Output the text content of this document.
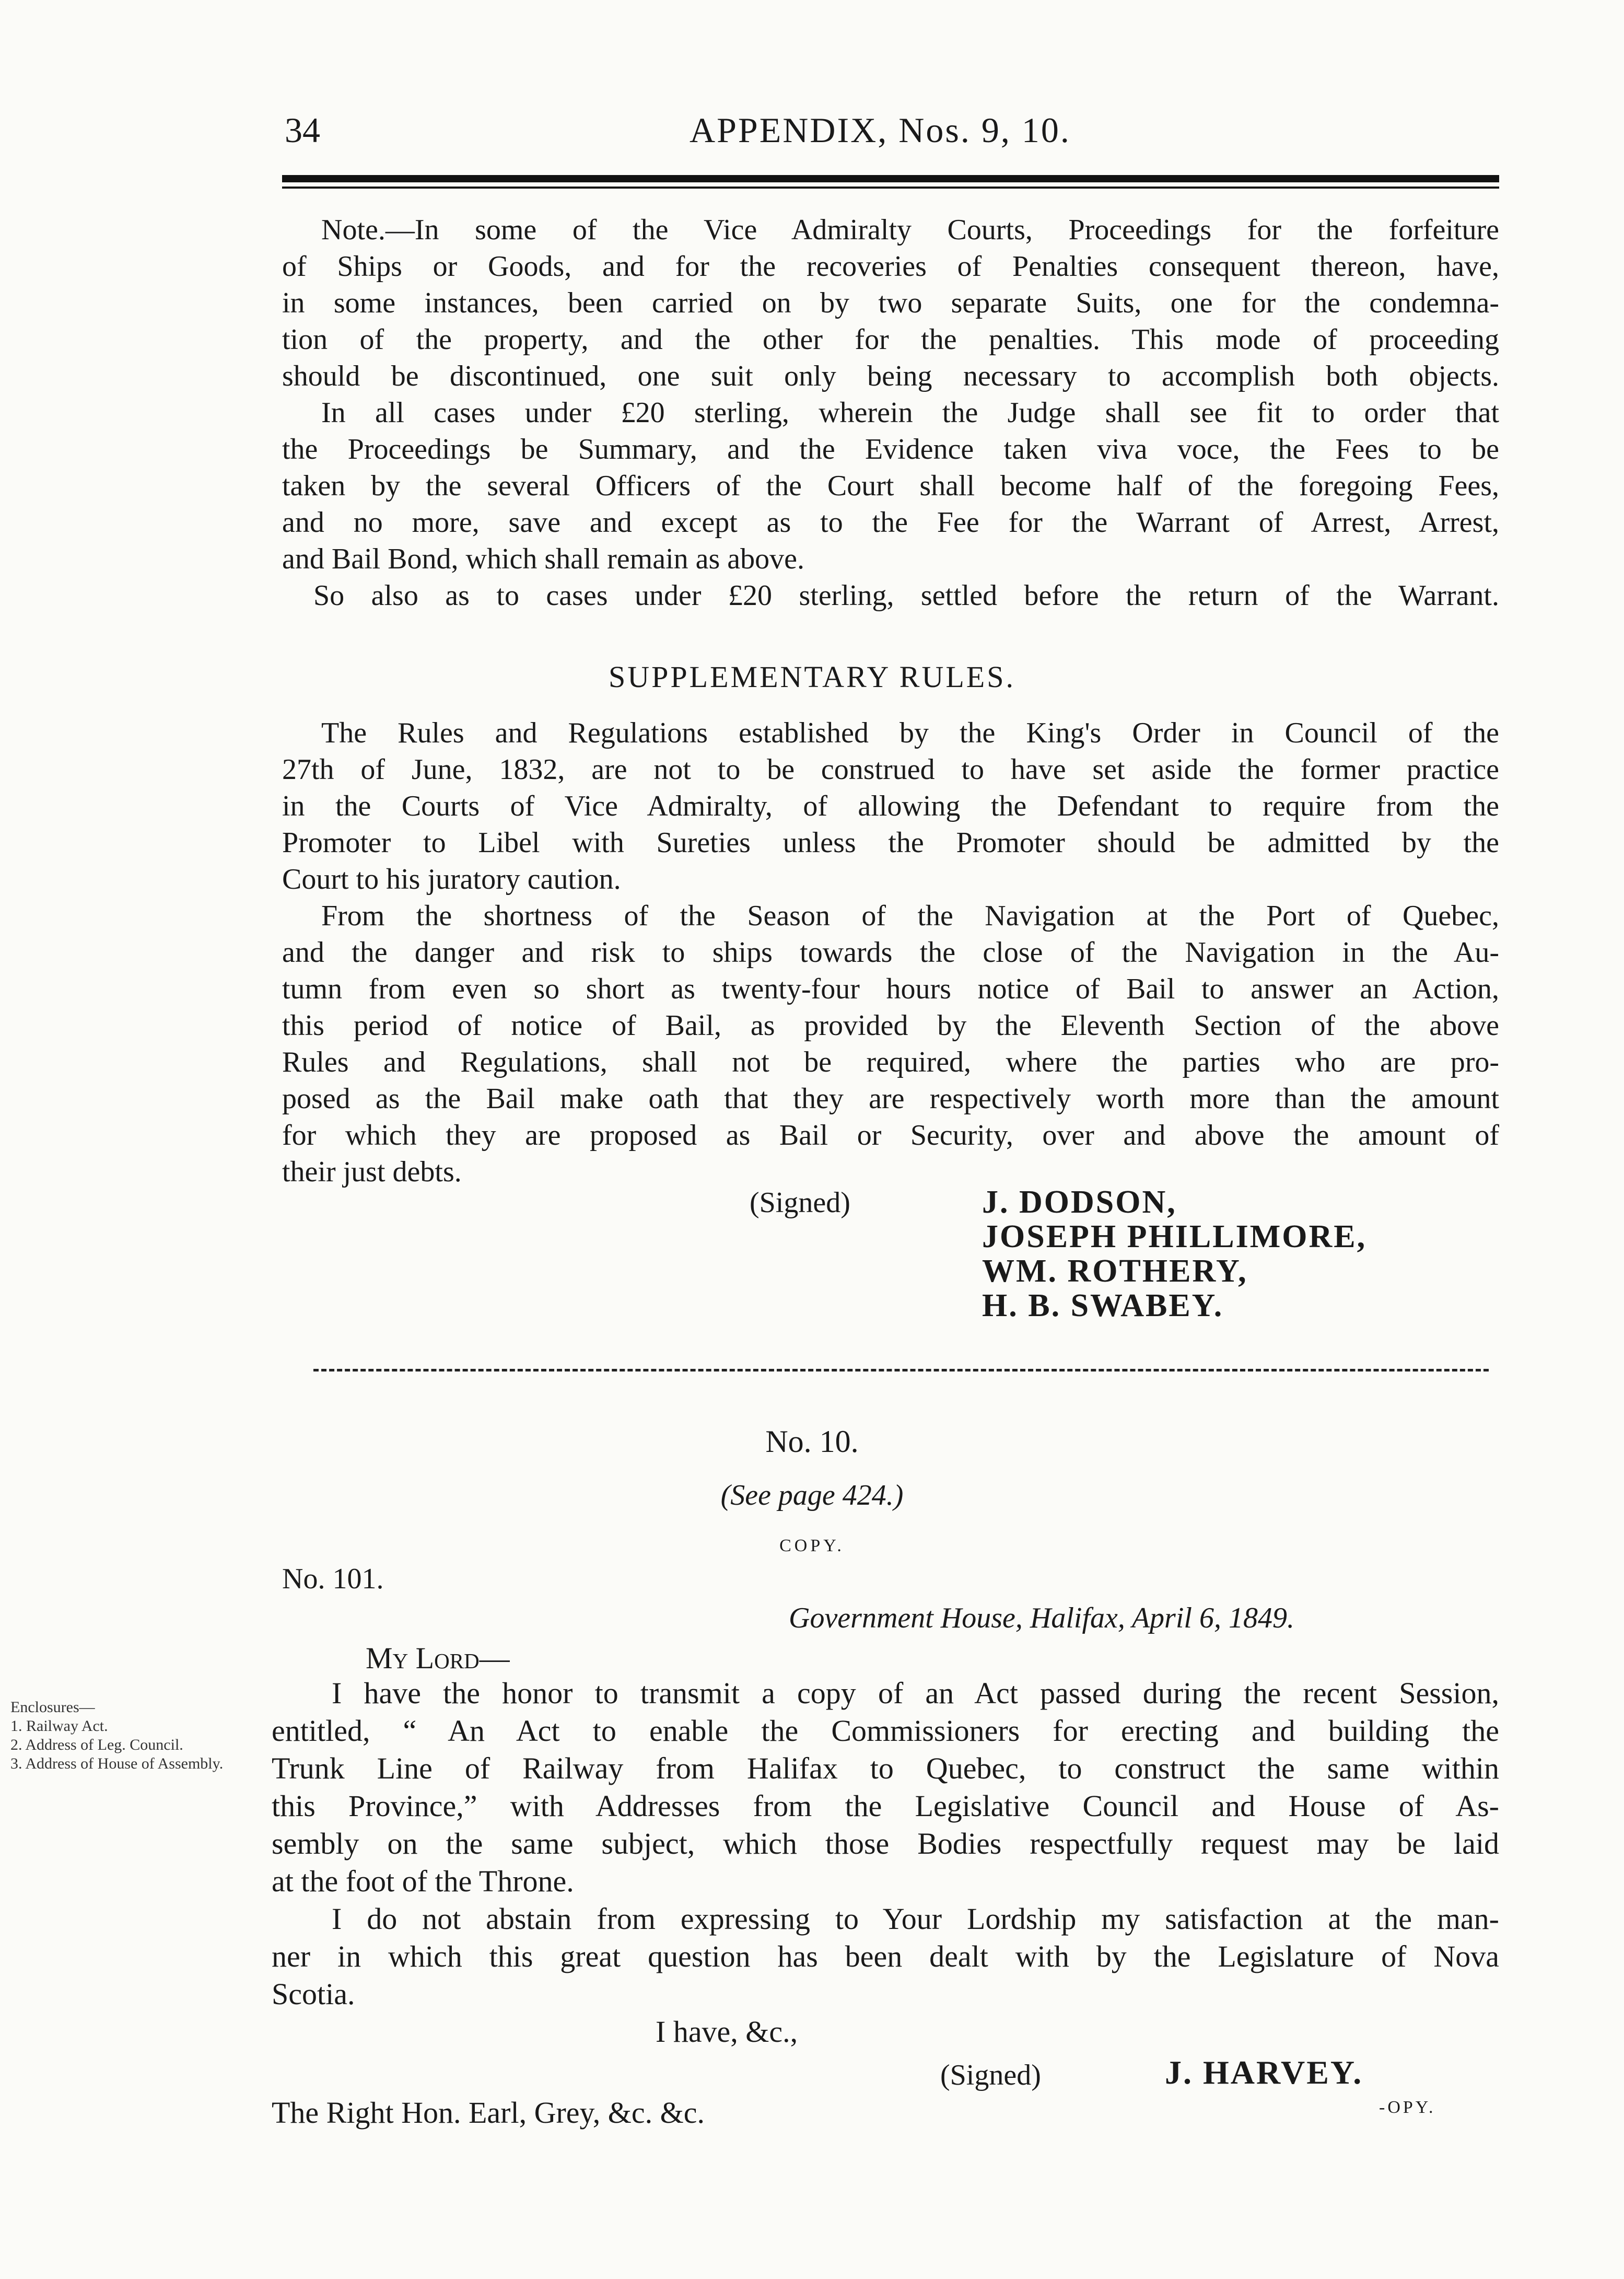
34	APPENDIX, Nos. 9, 10.
Note.—In some of the Vice Admiralty Courts, Proceedings for the forfeiture
of Ships or Goods, and for the recoveries of Penalties consequent thereon, have,
in some instances, been carried on by two separate Suits, one for the condemna-
tion of the property, and the other for the penalties. This mode of proceeding
should be discontinued, one suit only being necessary to accomplish both objects.
In all cases under £20 sterling, wherein the Judge shall see fit to order that
the Proceedings be Summary, and the Evidence taken viva voce, the Fees to be
taken by the several Officers of the Court shall become half of the foregoing Fees,
and no more, save and except as to the Fee for the Warrant of Arrest, Arrest,
and Bail Bond, which shall remain as above.
So also as to cases under £20 sterling, settled before the return of the Warrant.
SUPPLEMENTARY RULES.
The Rules and Regulations established by the King's Order in Council of the
27th of June, 1832, are not to be construed to have set aside the former practice
in the Courts of Vice Admiralty, of allowing the Defendant to require from the
Promoter to Libel with Sureties unless the Promoter should be admitted by the
Court to his juratory caution.
From the shortness of the Season of the Navigation at the Port of Quebec,
and the danger and risk to ships towards the close of the Navigation in the Au-
tumn from even so short as twenty-four hours notice of Bail to answer an Action,
this period of notice of Bail, as provided by the Eleventh Section of the above
Rules and Regulations, shall not be required, where the parties who are pro-
posed as the Bail make oath that they are respectively worth more than the amount
for which they are proposed as Bail or Security, over and above the amount of
their just debts.
(Signed)	J. DODSON,
JOSEPH PHILLIMORE,
WM. ROTHERY,
H. B. SWABEY.
No. 10.
(See page 424.)
COPY.
No. 101.
Government House, Halifax, April 6, 1849.
My Lord—
Enclosures—
1. Railway Act.
2. Address of Leg. Council.
3. Address of House of Assembly.
I have the honor to transmit a copy of an Act passed during the recent Session,
entitled, “ An Act to enable the Commissioners for erecting and building the
Trunk Line of Railway from Halifax to Quebec, to construct the same within
this Province,” with Addresses from the Legislative Council and House of As-
sembly on the same subject, which those Bodies respectfully request may be laid
at the foot of the Throne.
I do not abstain from expressing to Your Lordship my satisfaction at the man-
ner in which this great question has been dealt with by the Legislature of Nova
Scotia.
I have, &c.,
(Signed)	J. HARVEY.
The Right Hon. Earl, Grey, &c. &c.	-OPY.
